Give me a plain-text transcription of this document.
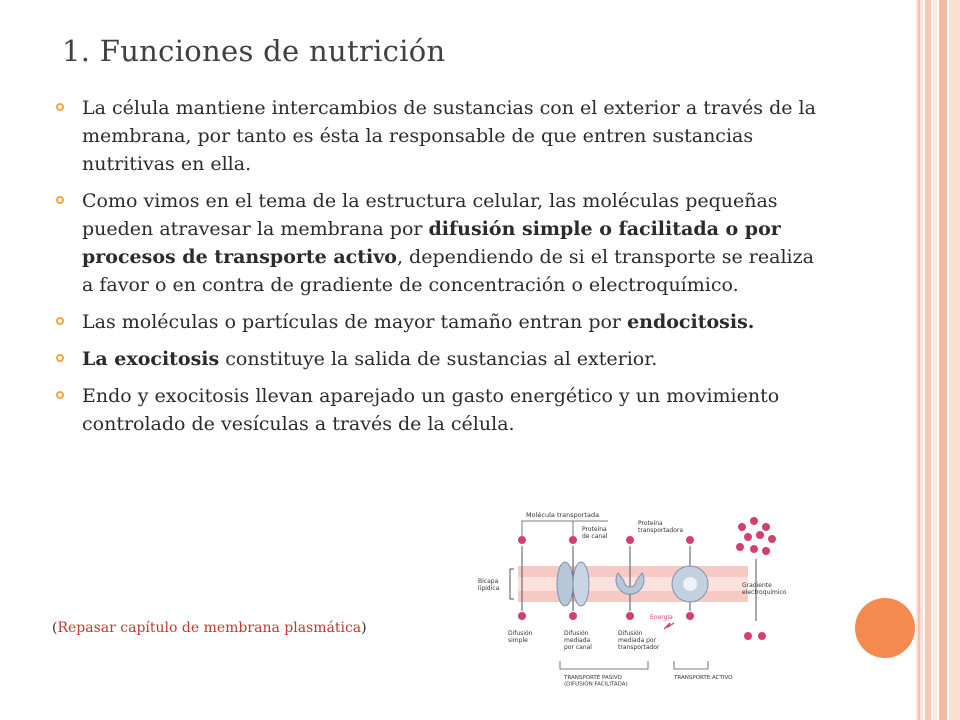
1. Funciones de nutrición
La célula mantiene intercambios de sustancias con el exterior a través de la membrana, por tanto es ésta la responsable de que entren sustancias nutritivas en ella.
Como vimos en el tema de la estructura celular, las moléculas pequeñas pueden atravesar la membrana por difusión simple o facilitada o por procesos de transporte activo, dependiendo de si el transporte se realiza a favor o en contra de gradiente de concentración o electroquímico.
Las moléculas o partículas de mayor tamaño entran por endocitosis.
La exocitosis constituye la salida de sustancias al exterior.
Endo y exocitosis llevan aparejado un gasto energético y un movimiento controlado de vesículas a través de la célula.
(Repasar capítulo de membrana plasmática)
Molécula transportada
Proteína de canal
Proteína transportadora
Bicapa lipídica	Gradiente electroquímico
Energía
Difusión simple
Difusión mediada por canal
Difusión mediada por transportador
TRANSPORTE PASIVO (DIFUSIÓN FACILITADA)
TRANSPORTE ACTIVO
